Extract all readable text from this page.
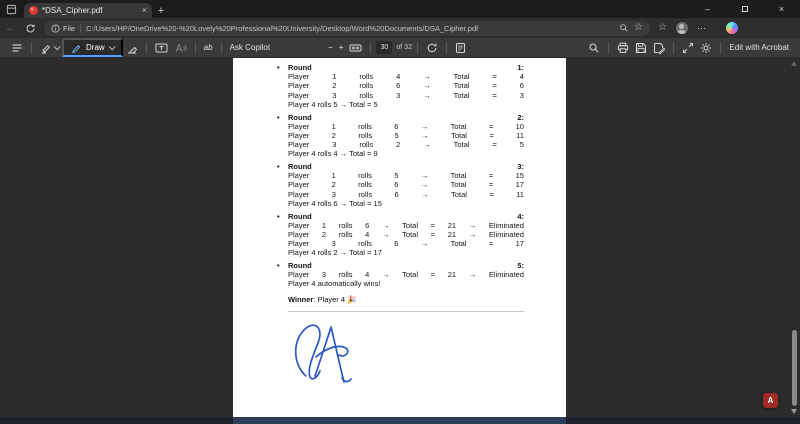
*DSA_Cipher.pdf	× +	–	×
←	File C:/Users/HP/OneDrive%20-%20Lovely%20Professional%20University/Desktop/Word%20Documents/DSA_Cipher.pdf	☆ ☆	⋯
Draw	ab Ask Copilot	− +	30	of 32	Edit with Acrobat
• Round	1:
Player	1	rolls	4	→	Total	=	4
Player	2	rolls	6	→	Total	=	6
Player	3	rolls	3	→	Total	=	3
Player 4 rolls 5 → Total = 5
• Round	2:
Player	1	rolls	6	→	Total	=	10
Player	2	rolls	5	→	Total	=	11
Player	3	rolls	2	→	Total	=	5
Player 4 rolls 4 → Total = 9
• Round	3:
Player	1	rolls	5	→	Total	=	15
Player	2	rolls	6	→	Total	=	17
Player	3	rolls	6	→	Total	=	11
Player 4 rolls 6 → Total = 15
• Round	4:
Player 1 rolls 6 → Total = 21 → Eliminated
Player 2 rolls 4 → Total = 21 → Eliminated
Player	3	rolls	6	→	Total	=	17
Player 4 rolls 2 → Total = 17
• Round	5:
Player 3 rolls 4 → Total = 21 → Eliminated
Player 4 automatically wins!
Winner: Player 4 🎉
A
